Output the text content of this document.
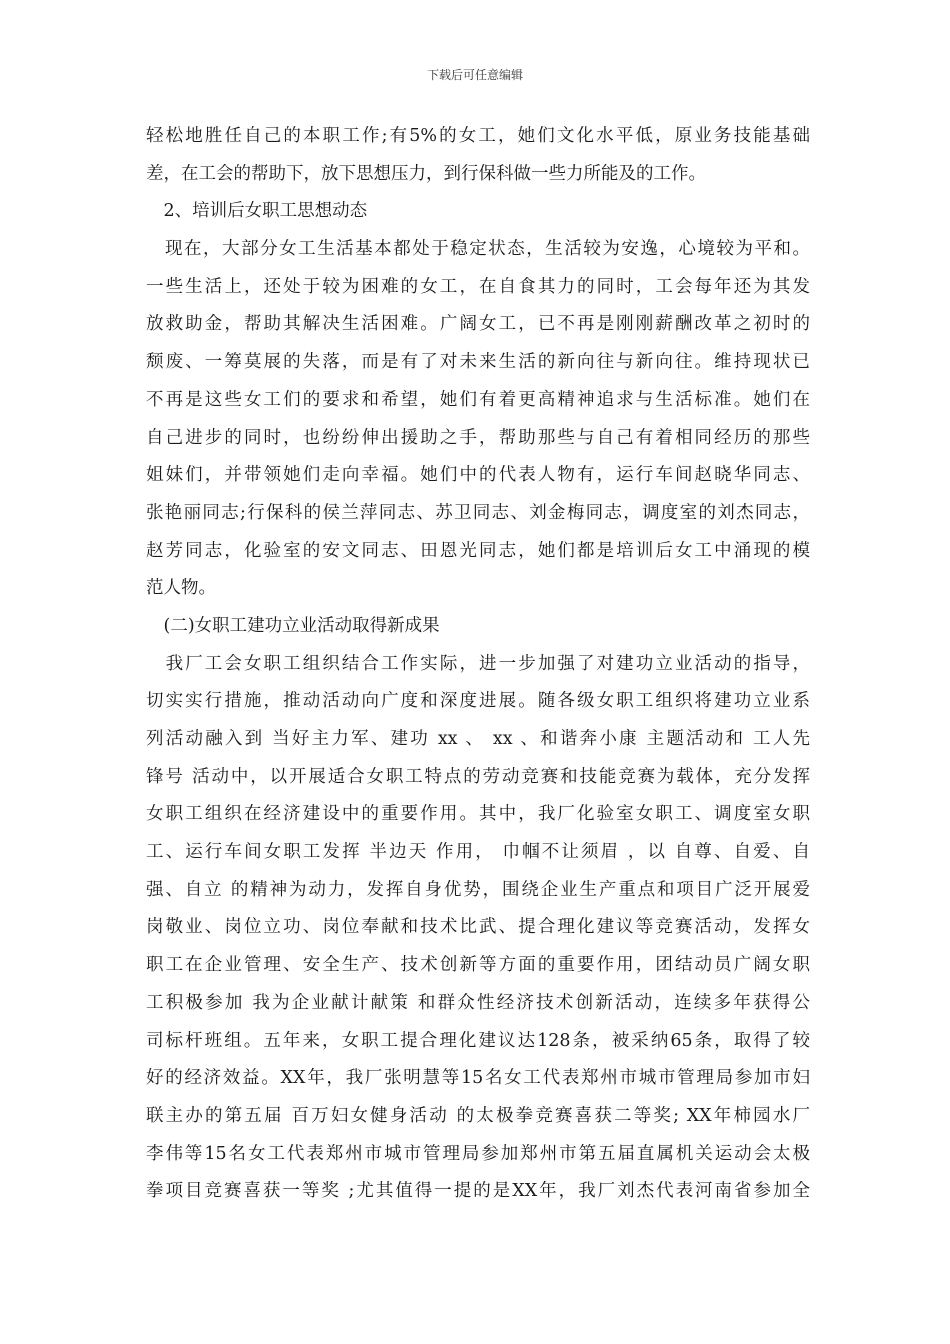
下载后可任意编辑
轻松地胜任自己的本职工作;有5%的女工，她们文化水平低，原业务技能基础
差，在工会的帮助下，放下思想压力，到行保科做一些力所能及的工作。
　2、培训后女职工思想动态
　现在，大部分女工生活基本都处于稳定状态，生活较为安逸，心境较为平和。
一些生活上，还处于较为困难的女工，在自食其力的同时，工会每年还为其发
放救助金，帮助其解决生活困难。广阔女工，已不再是刚刚薪酬改革之初时的
颓废、一筹莫展的失落，而是有了对未来生活的新向往与新向往。维持现状已
不再是这些女工们的要求和希望，她们有着更高精神追求与生活标准。她们在
自己进步的同时，也纷纷伸出援助之手，帮助那些与自己有着相同经历的那些
姐妹们，并带领她们走向幸福。她们中的代表人物有，运行车间赵晓华同志、
张艳丽同志;行保科的侯兰萍同志、苏卫同志、刘金梅同志，调度室的刘杰同志，
赵芳同志，化验室的安文同志、田恩光同志，她们都是培训后女工中涌现的模
范人物。
　(二)女职工建功立业活动取得新成果
　我厂工会女职工组织结合工作实际，进一步加强了对建功立业活动的指导，
切实实行措施，推动活动向广度和深度进展。随各级女职工组织将建功立业系
列活动融入到 当好主力军、建功 xx 、 xx 、和谐奔小康 主题活动和 工人先
锋号 活动中，以开展适合女职工特点的劳动竞赛和技能竞赛为载体，充分发挥
女职工组织在经济建设中的重要作用。其中，我厂化验室女职工、调度室女职
工、运行车间女职工发挥 半边天 作用， 巾帼不让须眉 ，以 自尊、自爱、自
强、自立 的精神为动力，发挥自身优势，围绕企业生产重点和项目广泛开展爱
岗敬业、岗位立功、岗位奉献和技术比武、提合理化建议等竞赛活动，发挥女
职工在企业管理、安全生产、技术创新等方面的重要作用，团结动员广阔女职
工积极参加 我为企业献计献策 和群众性经济技术创新活动，连续多年获得公
司标杆班组。五年来，女职工提合理化建议达128条，被采纳65条，取得了较
好的经济效益。XX年，我厂张明慧等15名女工代表郑州市城市管理局参加市妇
联主办的第五届 百万妇女健身活动 的太极拳竞赛喜获二等奖; XX年柿园水厂
李伟等15名女工代表郑州市城市管理局参加郑州市第五届直属机关运动会太极
拳项目竞赛喜获一等奖 ;尤其值得一提的是XX年，我厂刘杰代表河南省参加全
